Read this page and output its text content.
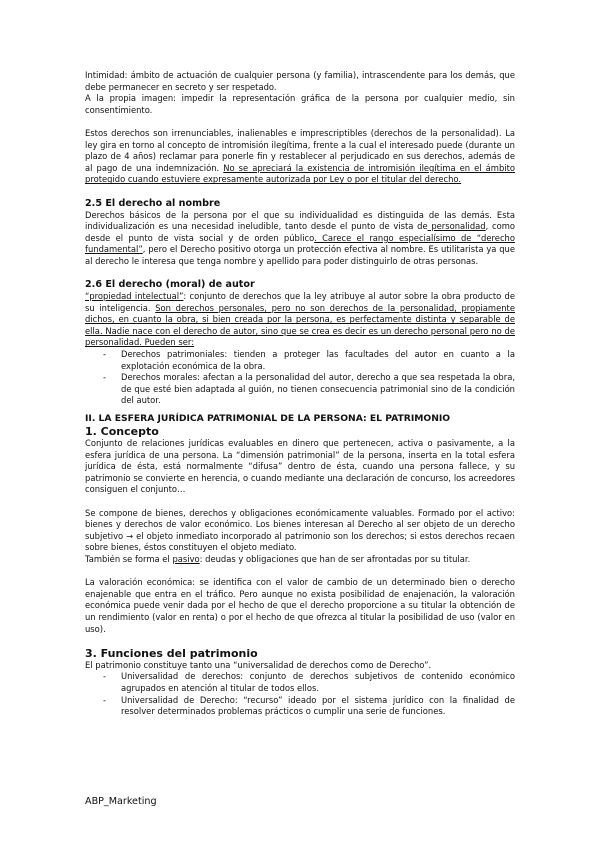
Intimidad: ámbito de actuación de cualquier persona (y familia), intrascendente para los demás, que debe permanecer en secreto y ser respetado.

A la propia imagen: impedir la representación gráfica de la persona por cualquier medio, sin consentimiento.

Estos derechos son irrenunciables, inalienables e imprescriptibles (derechos de la personalidad). La ley gira en torno al concepto de intromisión ilegítima, frente a la cual el interesado puede (durante un plazo de 4 años) reclamar para ponerle fin y restablecer al perjudicado en sus derechos, además de al pago de una indemnización. No se apreciará la existencia de intromisión ilegítima en el ámbito protegido cuando estuviere expresamente autorizada por Ley o por el titular del derecho.

2.5 El derecho al nombre

Derechos básicos de la persona por el que su individualidad es distinguida de las demás. Esta individualización es una necesidad ineludible, tanto desde el punto de vista de personalidad, como desde el punto de vista social y de orden público. Carece el rango especialísimo de “derecho fundamental”, pero el Derecho positivo otorga un protección efectiva al nombre. Es utilitarista ya que al derecho le interesa que tenga nombre y apellido para poder distinguirlo de otras personas.

2.6 El derecho (moral) de autor

“propiedad intelectual”: conjunto de derechos que la ley atribuye al autor sobre la obra producto de su inteligencia. Son derechos personales, pero no son derechos de la personalidad, propiamente dichos, en cuanto la obra, si bien creada por la persona, es perfectamente distinta y separable de ella. Nadie nace con el derecho de autor, sino que se crea es decir es un derecho personal pero no de personalidad. Pueden ser:

- Derechos patrimoniales: tienden a proteger las facultades del autor en cuanto a la explotación económica de la obra.
- Derechos morales: afectan a la personalidad del autor, derecho a que sea respetada la obra, de que esté bien adaptada al guión, no tienen consecuencia patrimonial sino de la condición del autor.
II. LA ESFERA JURÍDICA PATRIMONIAL DE LA PERSONA: EL PATRIMONIO
1. Concepto

Conjunto de relaciones jurídicas evaluables en dinero que pertenecen, activa o pasivamente, a la esfera jurídica de una persona. La “dimensión patrimonial” de la persona, inserta en la total esfera jurídica de ésta, está normalmente “difusa” dentro de ésta, cuando una persona fallece, y su patrimonio se convierte en herencia, o cuando mediante una declaración de concurso, los acreedores consiguen el conjunto…

Se compone de bienes, derechos y obligaciones económicamente valuables. Formado por el activo: bienes y derechos de valor económico. Los bienes interesan al Derecho al ser objeto de un derecho subjetivo → el objeto inmediato incorporado al patrimonio son los derechos; si estos derechos recaen sobre bienes, éstos constituyen el objeto mediato.

También se forma el pasivo: deudas y obligaciones que han de ser afrontadas por su titular.

La valoración económica: se identifica con el valor de cambio de un determinado bien o derecho enajenable que entra en el tráfico. Pero aunque no exista posibilidad de enajenación, la valoración económica puede venir dada por el hecho de que el derecho proporcione a su titular la obtención de un rendimiento (valor en renta) o por el hecho de que ofrezca al titular la posibilidad de uso (valor en uso).

3. Funciones del patrimonio

El patrimonio constituye tanto una “universalidad de derechos como de Derecho”.

- Universalidad de derechos: conjunto de derechos subjetivos de contenido económico agrupados en atención al titular de todos ellos.
- Universalidad de Derecho: “recurso” ideado por el sistema jurídico con la finalidad de resolver determinados problemas prácticos o cumplir una serie de funciones.
ABP_Marketing
